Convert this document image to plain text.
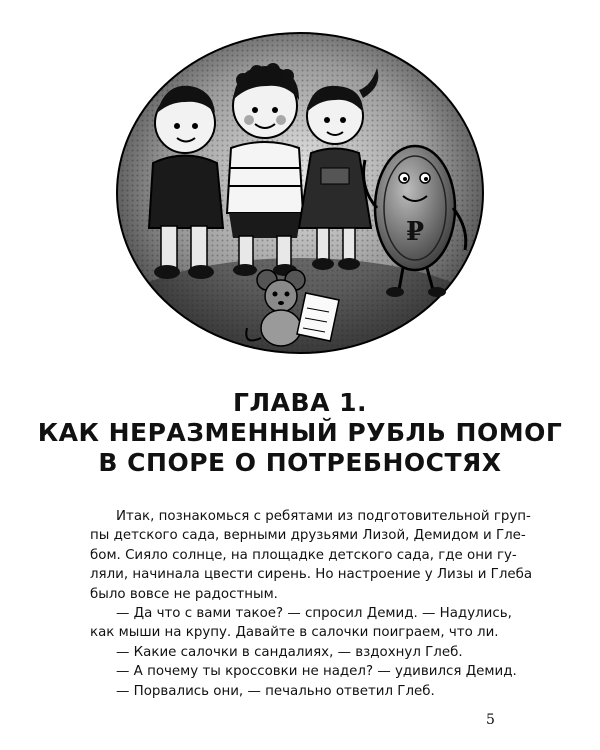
₽
ГЛАВА 1.
КАК НЕРАЗМЕННЫЙ РУБЛЬ ПОМОГ
В СПОРЕ О ПОТРЕБНОСТЯХ
Итак, познакомься с ребятами из подготовительной груп-
пы детского сада, верными друзьями Лизой, Демидом и Гле-
бом. Сияло солнце, на площадке детского сада, где они гу-
ляли, начинала цвести сирень. Но настроение у Лизы и Глеба
было вовсе не радостным.
— Да что с вами такое? — спросил Демид. — Надулись,
как мыши на крупу. Давайте в салочки поиграем, что ли.
— Какие салочки в сандалиях, — вздохнул Глеб.
— А почему ты кроссовки не надел? — удивился Демид.
— Порвались они, — печально ответил Глеб.
5
